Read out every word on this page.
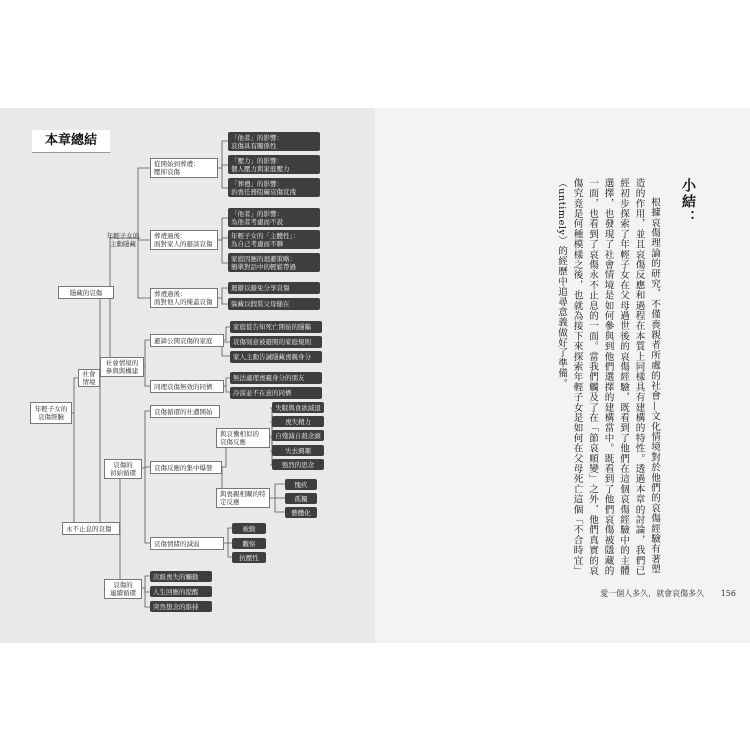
本章總結
年輕子女的
哀傷經驗
社會
情境
隱藏的哀傷
年輕子女的
主動隱藏
從開始到葬禮：
壓抑哀傷
「他者」的影響：
哀傷具有關係性
「壓力」的影響：
個人壓力與家庭壓力
「葬禮」的影響：
治喪任務阻礙哀傷宣洩
葬禮過後：
面對家人的避談哀傷
「他者」的影響：
為他者考慮而不說
年輕子女的「主體性」：
為自己考慮而不聊
家庭因應的迴避策略：
簡單對話中的輕鬆帶過
葬禮過後：
面對他人的掩蓋哀傷
迴避以避免分享哀傷
躲藏以假裝父母健在
社會情境的
參與與構建
避諱公開哀傷的家庭
家庭從告知死亡開始的隱瞞
哀傷刻意被避開的家庭規則
家人主動告誡隱藏喪親身分
同理哀傷無效的同儕
無法處理喪親身分的朋友
冷漠並不在意的同儕
永不止息的哀傷
哀傷的
初始循環
哀傷循環的社遭開始
與哀慟相似的
哀傷反應
失眠與食欲減退
喪失精力
自殘減自殺念頭
失去興趣
強烈的思念
哀傷反應的集中爆發
與喪親相關的特
定反應
愧疚
孤獨
藝體化
哀傷情緒的減弱
被動
觀察
抗壓性
哀傷的
連續循環
次級喪失的觸動
人生回應的提醒
突然想念的維持
小結：

根據哀傷理論的研究，不僅喪親者所處的社會—文化情境對於他們的哀傷經驗有著塑造的作用，並且哀傷反應和過程在本質上同樣具有建構的特性。透過本章的討論，我們已經初步探索了年輕子女在父母過世後的哀傷經驗，既看到了他們在這個哀傷經驗中的主體選擇，也發現了社會情境是如何參與到他們選擇的建構當中。既看到了他們哀傷被隱藏的一面，也看到了哀傷永不止息的一面。當我們觸及了在「節哀順變」之外，他們真實的哀傷究竟是何種模樣之後，也就為接下來探索年輕子女是如何在父母死亡這個「不合時宜」（untimely）的經歷中追尋意義做好了準備。

愛一個人多久，就會哀傷多久 156
